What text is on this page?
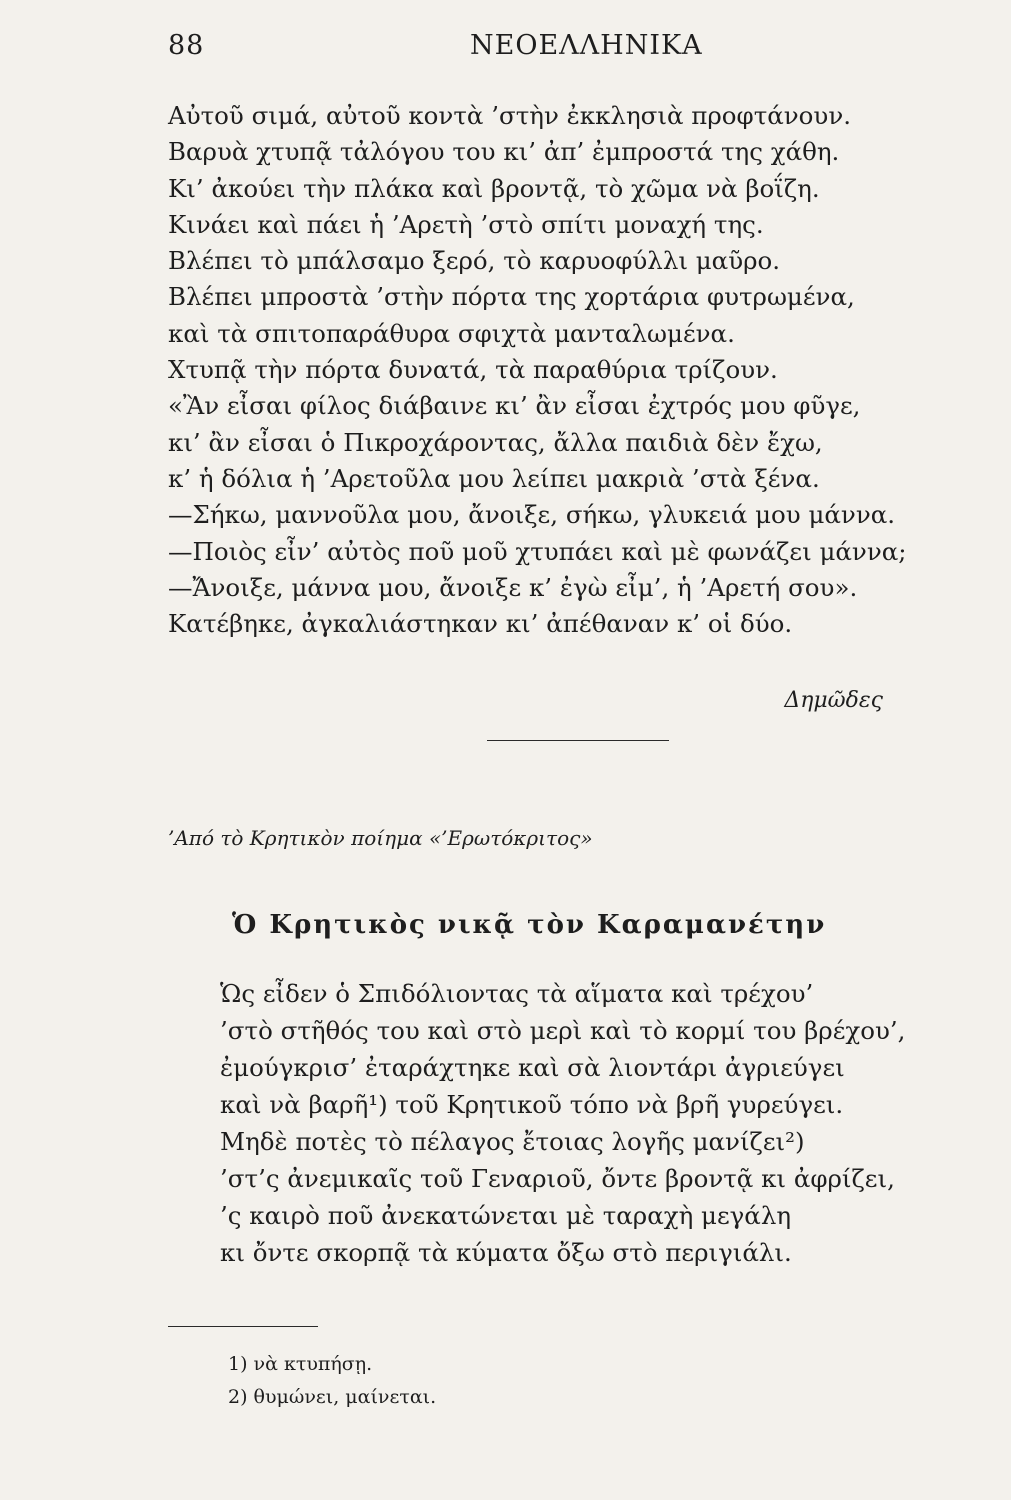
88	ΝΕΟΕΛΛΗΝΙΚΑ
Αὐτοῦ σιμά, αὐτοῦ κοντὰ ’στὴν ἐκκλησιὰ προφτάνουν.
Βαρυὰ χτυπᾷ τἀλόγου του κι’ ἀπ’ ἐμπροστά της χάθη.
Κι’ ἀκούει τὴν πλάκα καὶ βροντᾷ, τὸ χῶμα νὰ βοΐζη.
Κινάει καὶ πάει ἡ ’Αρετὴ ’στὸ σπίτι μοναχή της.
Βλέπει τὸ μπάλσαμο ξερό, τὸ καρυοφύλλι μαῦρο.
Βλέπει μπροστὰ ’στὴν πόρτα της χορτάρια φυτρωμένα,
καὶ τὰ σπιτοπαράθυρα σφιχτὰ μανταλωμένα.
Χτυπᾷ τὴν πόρτα δυνατά, τὰ παραθύρια τρίζουν.
«Ἂν εἶσαι φίλος διάβαινε κι’ ἂν εἶσαι ἐχτρός μου φῦγε,
κι’ ἂν εἶσαι ὁ Πικροχάροντας, ἄλλα παιδιὰ δὲν ἔχω,
κ’ ἡ δόλια ἡ ’Αρετοῦλα μου λείπει μακριὰ ’στὰ ξένα.
—Σήκω, μαννοῦλα μου, ἄνοιξε, σήκω, γλυκειά μου μάννα.
—Ποιὸς εἶν’ αὐτὸς ποῦ μοῦ χτυπάει καὶ μὲ φωνάζει μάννα;
—Ἄνοιξε, μάννα μου, ἄνοιξε κ’ ἐγὼ εἶμ’, ἡ ’Αρετή σου».
Κατέβηκε, ἀγκαλιάστηκαν κι’ ἀπέθαναν κ’ οἱ δύο.
Δημῶδες
’Από τὸ Κρητικὸν ποίημα «’Ερωτόκριτος»
Ὁ Κρητικὸς νικᾷ τὸν Καραμανέτην
Ὡς εἶδεν ὁ Σπιδόλιοντας τὰ αἵματα καὶ τρέχου’
’στὸ στῆθός του καὶ στὸ μερὶ καὶ τὸ κορμί του βρέχου’,
ἐμούγκρισ’ ἐταράχτηκε καὶ σὰ λιοντάρι ἀγριεύγει
καὶ νὰ βαρῆ¹) τοῦ Κρητικοῦ τόπο νὰ βρῆ γυρεύγει.
Μηδὲ ποτὲς τὸ πέλαγος ἔτοιας λογῆς μανίζει²)
’στ’ς ἀνεμικαῖς τοῦ Γεναριοῦ, ὄντε βροντᾷ κι ἀφρίζει,
’ς καιρὸ ποῦ ἀνεκατώνεται μὲ ταραχὴ μεγάλη
κι ὄντε σκορπᾷ τὰ κύματα ὄξω στὸ περιγιάλι.
1) νὰ κτυπήσῃ.
2) θυμώνει, μαίνεται.
